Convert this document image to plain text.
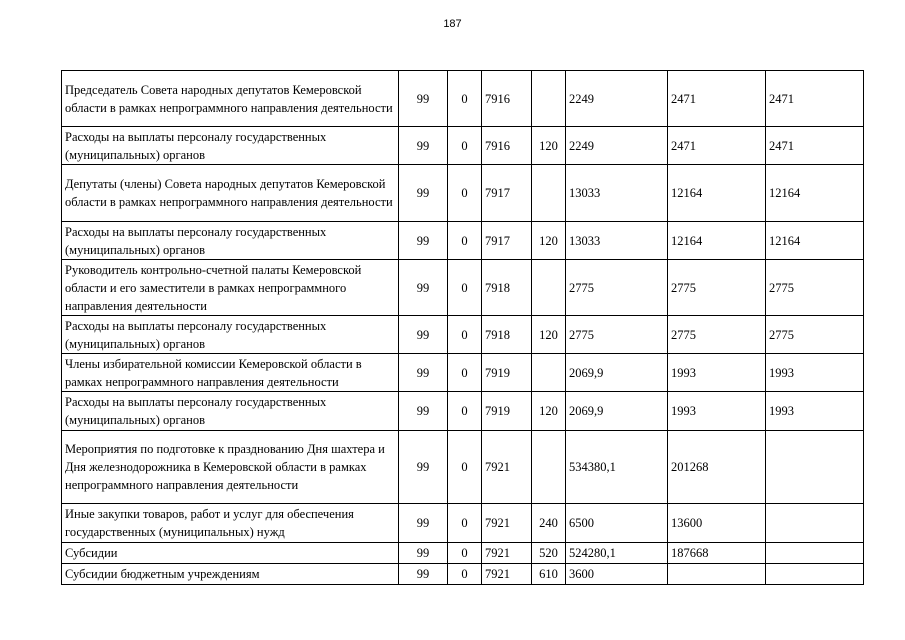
187
Председатель Совета народных депутатов Кемеровской области в рамках непрограммного направления деятельности	99	0	7916		2249	2471	2471
Расходы на выплаты персоналу государственных (муниципальных) органов	99	0	7916	120	2249	2471	2471
Депутаты (члены) Совета народных депутатов Кемеровской области в рамках непрограммного направления деятельности	99	0	7917		13033	12164	12164
Расходы на выплаты персоналу государственных (муниципальных) органов	99	0	7917	120	13033	12164	12164
Руководитель контрольно-счетной палаты Кемеровской области и его заместители в рамках непрограммного направления деятельности	99	0	7918		2775	2775	2775
Расходы на выплаты персоналу государственных (муниципальных) органов	99	0	7918	120	2775	2775	2775
Члены избирательной комиссии Кемеровской области в рамках непрограммного направления деятельности	99	0	7919		2069,9	1993	1993
Расходы на выплаты персоналу государственных (муниципальных) органов	99	0	7919	120	2069,9	1993	1993
Мероприятия по подготовке к празднованию Дня шахтера и Дня железнодорожника в Кемеровской области в рамках непрограммного направления деятельности	99	0	7921		534380,1	201268	
Иные закупки товаров, работ и услуг для обеспечения государственных (муниципальных) нужд	99	0	7921	240	6500	13600	
Субсидии	99	0	7921	520	524280,1	187668	
Субсидии бюджетным учреждениям	99	0	7921	610	3600		
